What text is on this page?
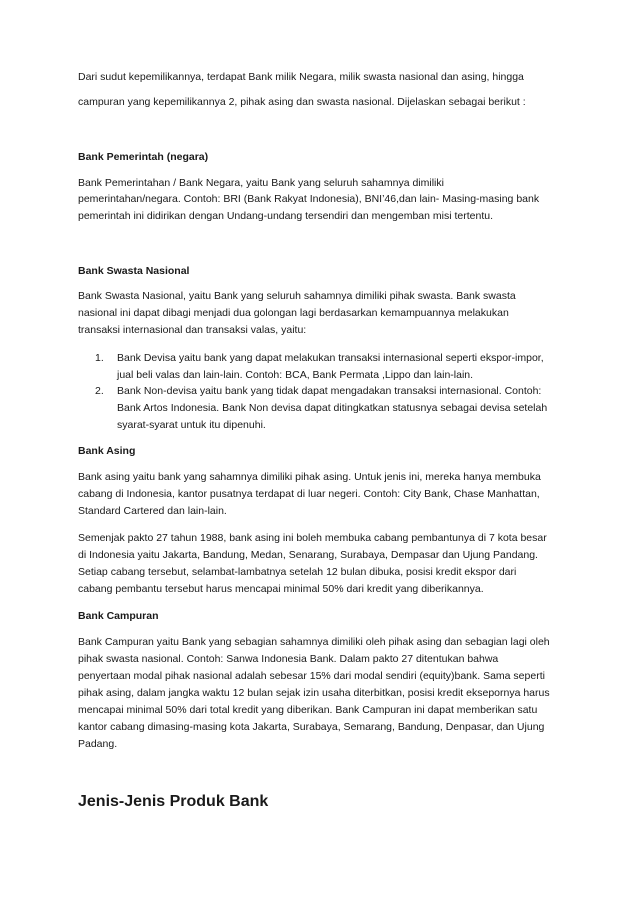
Dari sudut kepemilikannya, terdapat Bank milik Negara, milik swasta nasional dan asing, hingga

campuran yang kepemilikannya 2, pihak asing dan swasta nasional. Dijelaskan sebagai berikut :

Bank Pemerintah (negara)

Bank Pemerintahan / Bank Negara, yaitu Bank yang seluruh sahamnya dimiliki

pemerintahan/negara. Contoh: BRI (Bank Rakyat Indonesia), BNI’46,dan lain- Masing-masing bank

pemerintah ini didirikan dengan Undang-undang tersendiri dan mengemban misi tertentu.

Bank Swasta Nasional

Bank Swasta Nasional, yaitu Bank yang seluruh sahamnya dimiliki pihak swasta. Bank swasta

nasional ini dapat dibagi menjadi dua golongan lagi berdasarkan kemampuannya melakukan

transaksi internasional dan transaksi valas, yaitu:

1. Bank Devisa yaitu bank yang dapat melakukan transaksi internasional seperti ekspor-impor,
jual beli valas dan lain-lain. Contoh: BCA, Bank Permata ,Lippo dan lain-lain.
2. Bank Non-devisa yaitu bank yang tidak dapat mengadakan transaksi internasional. Contoh:
Bank Artos Indonesia. Bank Non devisa dapat ditingkatkan statusnya sebagai devisa setelah
syarat-syarat untuk itu dipenuhi.

Bank Asing

Bank asing yaitu bank yang sahamnya dimiliki pihak asing. Untuk jenis ini, mereka hanya membuka

cabang di Indonesia, kantor pusatnya terdapat di luar negeri. Contoh: City Bank, Chase Manhattan,

Standard Cartered dan lain-lain.

Semenjak pakto 27 tahun 1988, bank asing ini boleh membuka cabang pembantunya di 7 kota besar

di Indonesia yaitu Jakarta, Bandung, Medan, Senarang, Surabaya, Dempasar dan Ujung Pandang.

Setiap cabang tersebut, selambat-lambatnya setelah 12 bulan dibuka, posisi kredit ekspor dari

cabang pembantu tersebut harus mencapai minimal 50% dari kredit yang diberikannya.

Bank Campuran

Bank Campuran yaitu Bank yang sebagian sahamnya dimiliki oleh pihak asing dan sebagian lagi oleh

pihak swasta nasional. Contoh: Sanwa Indonesia Bank. Dalam pakto 27 ditentukan bahwa

penyertaan modal pihak nasional adalah sebesar 15% dari modal sendiri (equity)bank. Sama seperti

pihak asing, dalam jangka waktu 12 bulan sejak izin usaha diterbitkan, posisi kredit eksepornya harus

mencapai minimal 50% dari total kredit yang diberikan. Bank Campuran ini dapat memberikan satu

kantor cabang dimasing-masing kota Jakarta, Surabaya, Semarang, Bandung, Denpasar, dan Ujung

Padang.

Jenis-Jenis Produk Bank
